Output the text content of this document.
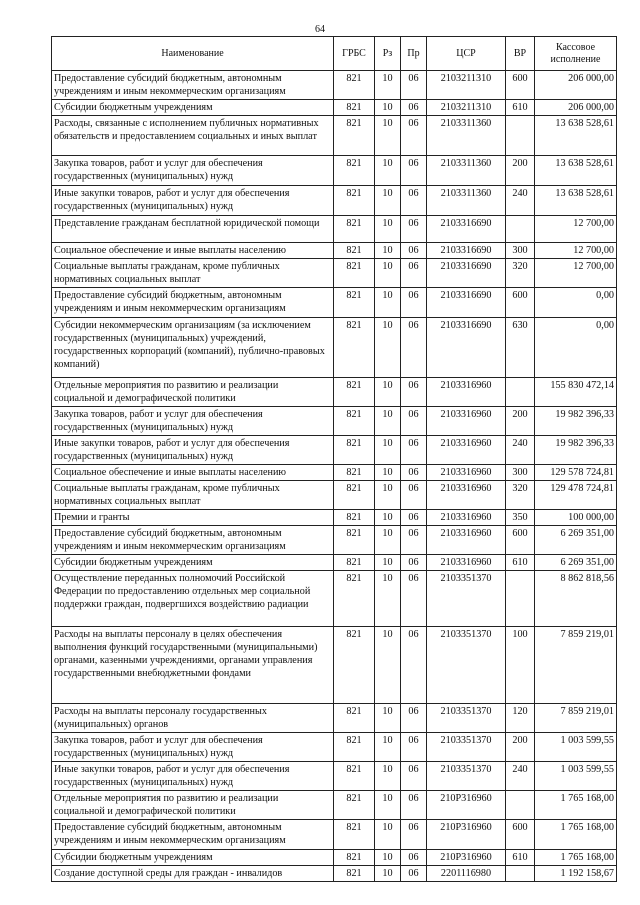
64
Наименование	ГРБС	Рз	Пр	ЦСР	ВР	Кассовое исполнение
Предоставление субсидий бюджетным, автономным учреждениям и иным некоммерческим организациям	821	10	06	2103211310	600	206 000,00
Субсидии бюджетным учреждениям	821	10	06	2103211310	610	206 000,00
Расходы, связанные с исполнением публичных нормативных обязательств и предоставлением социальных и иных выплат	821	10	06	2103311360		13 638 528,61
Закупка товаров, работ и услуг для обеспечения государственных (муниципальных) нужд	821	10	06	2103311360	200	13 638 528,61
Иные закупки товаров, работ и услуг для обеспечения государственных (муниципальных) нужд	821	10	06	2103311360	240	13 638 528,61
Представление гражданам бесплатной юридической помощи	821	10	06	2103316690		12 700,00
Социальное обеспечение и иные выплаты населению	821	10	06	2103316690	300	12 700,00
Социальные выплаты гражданам, кроме публичных нормативных социальных выплат	821	10	06	2103316690	320	12 700,00
Предоставление субсидий бюджетным, автономным учреждениям и иным некоммерческим организациям	821	10	06	2103316690	600	0,00
Субсидии некоммерческим организациям (за исключением государственных (муниципальных) учреждений, государственных корпораций (компаний), публично-правовых компаний)	821	10	06	2103316690	630	0,00
Отдельные мероприятия по развитию и реализации социальной и демографической политики	821	10	06	2103316960		155 830 472,14
Закупка товаров, работ и услуг для обеспечения государственных (муниципальных) нужд	821	10	06	2103316960	200	19 982 396,33
Иные закупки товаров, работ и услуг для обеспечения государственных (муниципальных) нужд	821	10	06	2103316960	240	19 982 396,33
Социальное обеспечение и иные выплаты населению	821	10	06	2103316960	300	129 578 724,81
Социальные выплаты гражданам, кроме публичных нормативных социальных выплат	821	10	06	2103316960	320	129 478 724,81
Премии и гранты	821	10	06	2103316960	350	100 000,00
Предоставление субсидий бюджетным, автономным учреждениям и иным некоммерческим организациям	821	10	06	2103316960	600	6 269 351,00
Субсидии бюджетным учреждениям	821	10	06	2103316960	610	6 269 351,00
Осуществление переданных полномочий Российской Федерации по предоставлению отдельных мер социальной поддержки граждан, подвергшихся воздействию радиации	821	10	06	2103351370		8 862 818,56
Расходы на выплаты персоналу в целях обеспечения выполнения функций государственными (муниципальными) органами, казенными учреждениями, органами управления государственными внебюджетными фондами	821	10	06	2103351370	100	7 859 219,01
Расходы на выплаты персоналу государственных (муниципальных) органов	821	10	06	2103351370	120	7 859 219,01
Закупка товаров, работ и услуг для обеспечения государственных (муниципальных) нужд	821	10	06	2103351370	200	1 003 599,55
Иные закупки товаров, работ и услуг для обеспечения государственных (муниципальных) нужд	821	10	06	2103351370	240	1 003 599,55
Отдельные мероприятия по развитию и реализации социальной и демографической политики	821	10	06	210Р316960		1 765 168,00
Предоставление субсидий бюджетным, автономным учреждениям и иным некоммерческим организациям	821	10	06	210Р316960	600	1 765 168,00
Субсидии бюджетным учреждениям	821	10	06	210Р316960	610	1 765 168,00
Создание доступной среды для граждан - инвалидов	821	10	06	2201116980		1 192 158,67
